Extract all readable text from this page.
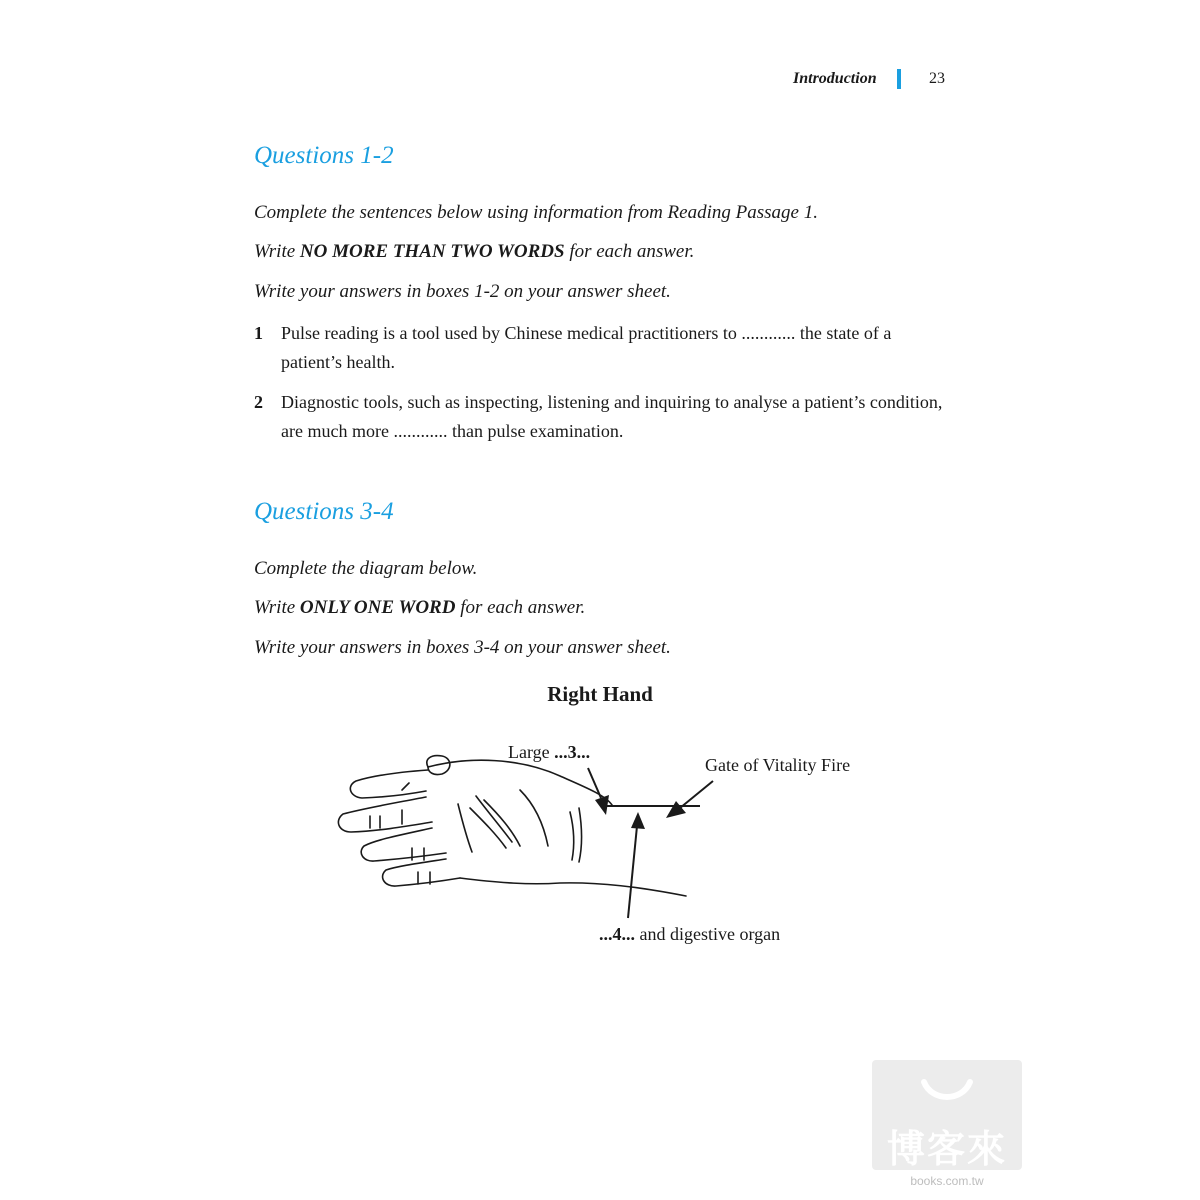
Introduction	23
Questions 1-2
Complete the sentences below using information from Reading Passage 1.
Write NO MORE THAN TWO WORDS for each answer.
Write your answers in boxes 1-2 on your answer sheet.
1	Pulse reading is a tool used by Chinese medical practitioners to ............ the state of a patient’s health.
2	Diagnostic tools, such as inspecting, listening and inquiring to analyse a patient’s condition, are much more ............ than pulse examination.
Questions 3-4
Complete the diagram below.
Write ONLY ONE WORD for each answer.
Write your answers in boxes 3-4 on your answer sheet.
Right Hand
Large ...3...
Gate of Vitality Fire
...4... and digestive organ
博客來
books.com.tw
